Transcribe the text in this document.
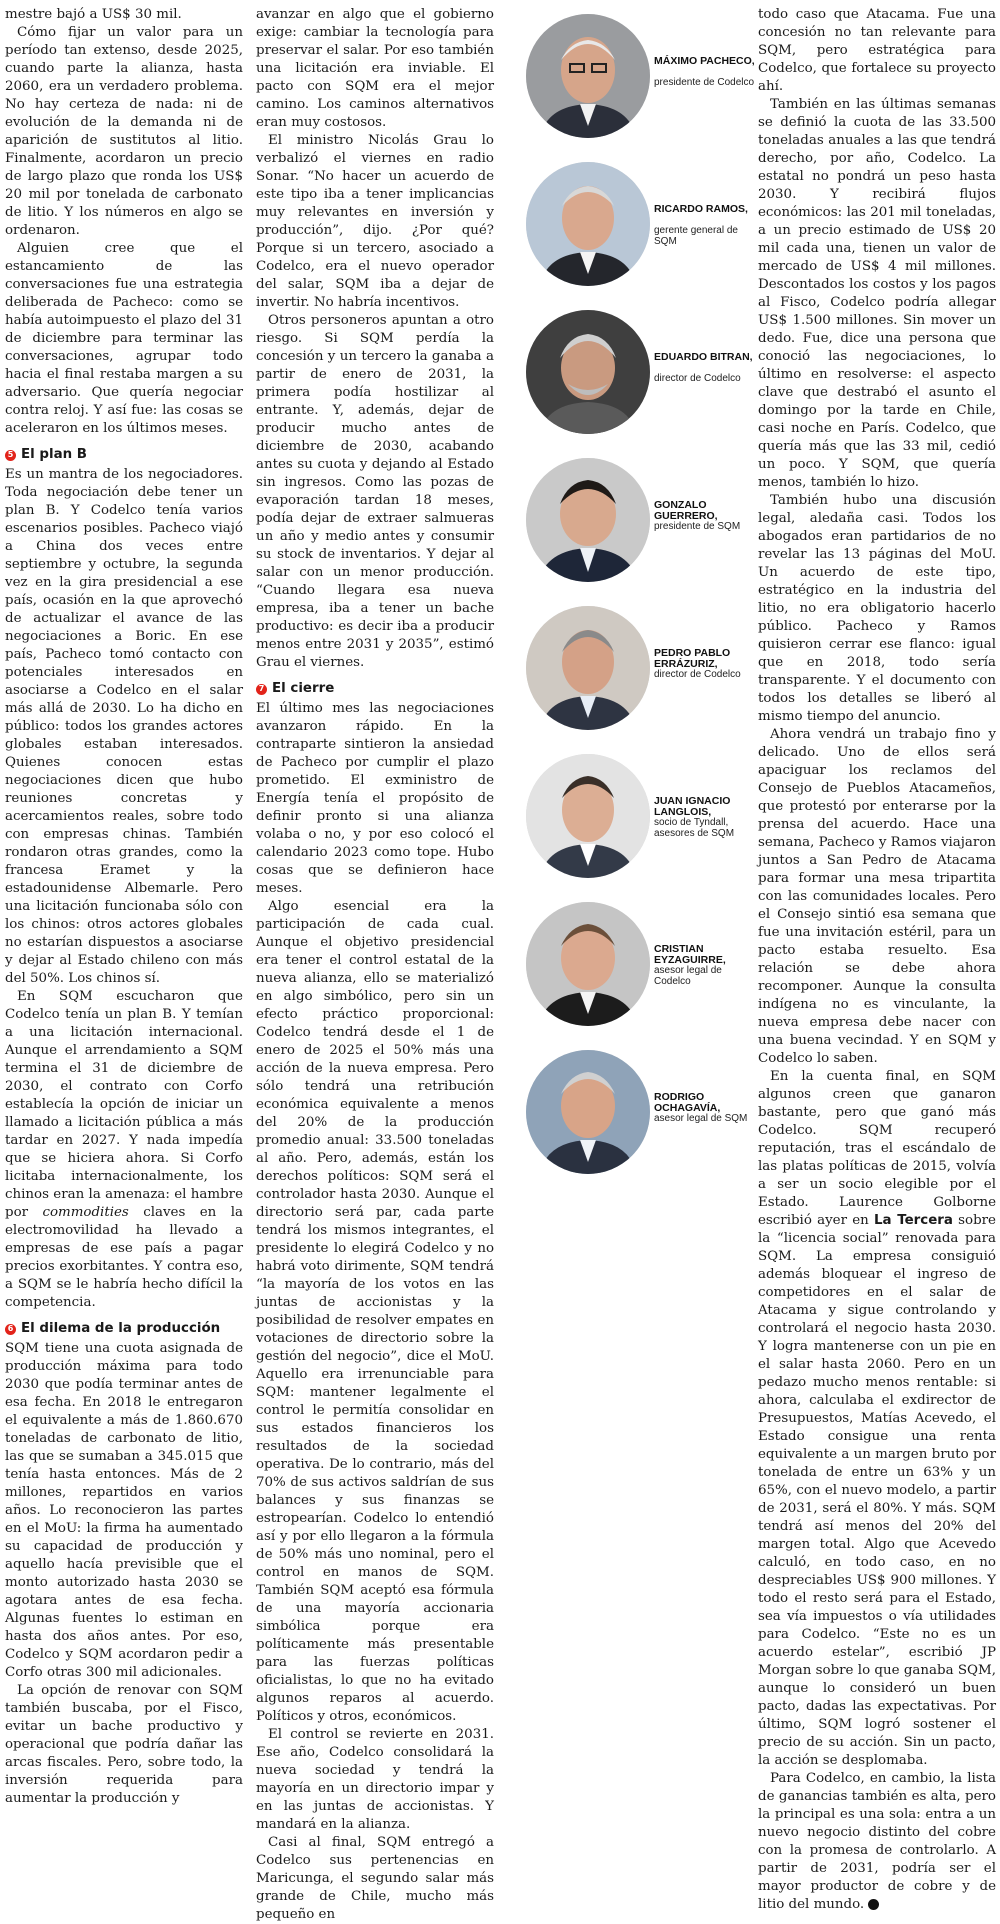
mestre bajó a US$ 30 mil.

Cómo fijar un valor para un período tan extenso, desde 2025, cuando parte la alianza, hasta 2060, era un verdadero problema. No hay certeza de nada: ni de evolución de la demanda ni de aparición de sustitutos al litio. Finalmente, acordaron un precio de largo plazo que ronda los US$ 20 mil por tonelada de carbonato de litio. Y los números en algo se ordenaron.

Alguien cree que el estancamiento de las conversaciones fue una estrategia deliberada de Pacheco: como se había autoimpuesto el plazo del 31 de diciembre para terminar las conversaciones, agrupar todo hacia el final restaba margen a su adversario. Que quería negociar contra reloj. Y así fue: las cosas se aceleraron en los últimos meses.

5 El plan B

Es un mantra de los negociadores. Toda negociación debe tener un plan B. Y Codelco tenía varios escenarios posibles. Pacheco viajó a China dos veces entre septiembre y octubre, la segunda vez en la gira presidencial a ese país, ocasión en la que aprovechó de actualizar el avance de las negociaciones a Boric. En ese país, Pacheco tomó contacto con potenciales interesados en asociarse a Codelco en el salar más allá de 2030. Lo ha dicho en público: todos los grandes actores globales estaban interesados. Quienes conocen estas negociaciones dicen que hubo reuniones concretas y acercamientos reales, sobre todo con empresas chinas. También rondaron otras grandes, como la francesa Eramet y la estadounidense Albemarle. Pero una licitación funcionaba sólo con los chinos: otros actores globales no estarían dispuestos a asociarse y dejar al Estado chileno con más del 50%. Los chinos sí.

En SQM escucharon que Codelco tenía un plan B. Y temían a una licitación internacional. Aunque el arrendamiento a SQM termina el 31 de diciembre de 2030, el contrato con Corfo establecía la opción de iniciar un llamado a licitación pública a más tardar en 2027. Y nada impedía que se hiciera ahora. Si Corfo licitaba internacionalmente, los chinos eran la amenaza: el hambre por commodities claves en la electromovilidad ha llevado a empresas de ese país a pagar precios exorbitantes. Y contra eso, a SQM se le habría hecho difícil la competencia.

6 El dilema de la producción

SQM tiene una cuota asignada de producción máxima para todo 2030 que podía terminar antes de esa fecha. En 2018 le entregaron el equivalente a más de 1.860.670 toneladas de carbonato de litio, las que se sumaban a 345.015 que tenía hasta entonces. Más de 2 millones, repartidos en varios años. Lo reconocieron las partes en el MoU: la firma ha aumentado su capacidad de producción y aquello hacía previsible que el monto autorizado hasta 2030 se agotara antes de esa fecha. Algunas fuentes lo estiman en hasta dos años antes. Por eso, Codelco y SQM acordaron pedir a Corfo otras 300 mil adicionales.

La opción de renovar con SQM también buscaba, por el Fisco, evitar un bache productivo y operacional que podría dañar las arcas fiscales. Pero, sobre todo, la inversión requerida para aumentar la producción y

avanzar en algo que el gobierno exige: cambiar la tecnología para preservar el salar. Por eso también una licitación era inviable. El pacto con SQM era el mejor camino. Los caminos alternativos eran muy costosos.

El ministro Nicolás Grau lo verbalizó el viernes en radio Sonar. “No hacer un acuerdo de este tipo iba a tener implicancias muy relevantes en inversión y producción”, dijo. ¿Por qué? Porque si un tercero, asociado a Codelco, era el nuevo operador del salar, SQM iba a dejar de invertir. No habría incentivos.

Otros personeros apuntan a otro riesgo. Si SQM perdía la concesión y un tercero la ganaba a partir de enero de 2031, la primera podía hostilizar al entrante. Y, además, dejar de producir mucho antes de diciembre de 2030, acabando antes su cuota y dejando al Estado sin ingresos. Como las pozas de evaporación tardan 18 meses, podía dejar de extraer salmueras un año y medio antes y consumir su stock de inventarios. Y dejar al salar con un menor producción. “Cuando llegara esa nueva empresa, iba a tener un bache productivo: es decir iba a producir menos entre 2031 y 2035”, estimó Grau el viernes.

7 El cierre

El último mes las negociaciones avanzaron rápido. En la contraparte sintieron la ansiedad de Pacheco por cumplir el plazo prometido. El exministro de Energía tenía el propósito de definir pronto si una alianza volaba o no, y por eso colocó el calendario 2023 como tope. Hubo cosas que se definieron hace meses.

Algo esencial era la participación de cada cual. Aunque el objetivo presidencial era tener el control estatal de la nueva alianza, ello se materializó en algo simbólico, pero sin un efecto práctico proporcional: Codelco tendrá desde el 1 de enero de 2025 el 50% más una acción de la nueva empresa. Pero sólo tendrá una retribución económica equivalente a menos del 20% de la producción promedio anual: 33.500 toneladas al año. Pero, además, están los derechos políticos: SQM será el controlador hasta 2030. Aunque el directorio será par, cada parte tendrá los mismos integrantes, el presidente lo elegirá Codelco y no habrá voto dirimente, SQM tendrá “la mayoría de los votos en las juntas de accionistas y la posibilidad de resolver empates en votaciones de directorio sobre la gestión del negocio”, dice el MoU. Aquello era irrenunciable para SQM: mantener legalmente el control le permitía consolidar en sus estados financieros los resultados de la sociedad operativa. De lo contrario, más del 70% de sus activos saldrían de sus balances y sus finanzas se estropearían. Codelco lo entendió así y por ello llegaron a la fórmula de 50% más uno nominal, pero el control en manos de SQM. También SQM aceptó esa fórmula de una mayoría accionaria simbólica porque era políticamente más presentable para las fuerzas políticas oficialistas, lo que no ha evitado algunos reparos al acuerdo. Políticos y otros, económicos.

El control se revierte en 2031. Ese año, Codelco consolidará la nueva sociedad y tendrá la mayoría en un directorio impar y en las juntas de accionistas. Y mandará en la alianza.

Casi al final, SQM entregó a Codelco sus pertenencias en Maricunga, el segundo salar más grande de Chile, mucho más pequeño en

MÁXIMO PACHECO,
presidente de Codelco
RICARDO RAMOS,
gerente general de SQM
EDUARDO BITRAN,
director de Codelco
GONZALO GUERRERO,
presidente de SQM
PEDRO PABLO ERRÁZURIZ,
director de Codelco
JUAN IGNACIO LANGLOIS,
socio de Tyndall, asesores de SQM
CRISTIAN EYZAGUIRRE,
asesor legal de Codelco
RODRIGO OCHAGAVÍA,
asesor legal de SQM

todo caso que Atacama. Fue una concesión no tan relevante para SQM, pero estratégica para Codelco, que fortalece su proyecto ahí.

También en las últimas semanas se definió la cuota de las 33.500 toneladas anuales a las que tendrá derecho, por año, Codelco. La estatal no pondrá un peso hasta 2030. Y recibirá flujos económicos: las 201 mil toneladas, a un precio estimado de US$ 20 mil cada una, tienen un valor de mercado de US$ 4 mil millones. Descontados los costos y los pagos al Fisco, Codelco podría allegar US$ 1.500 millones. Sin mover un dedo. Fue, dice una persona que conoció las negociaciones, lo último en resolverse: el aspecto clave que destrabó el asunto el domingo por la tarde en Chile, casi noche en París. Codelco, que quería más que las 33 mil, cedió un poco. Y SQM, que quería menos, también lo hizo.

También hubo una discusión legal, aledaña casi. Todos los abogados eran partidarios de no revelar las 13 páginas del MoU. Un acuerdo de este tipo, estratégico en la industria del litio, no era obligatorio hacerlo público. Pacheco y Ramos quisieron cerrar ese flanco: igual que en 2018, todo sería transparente. Y el documento con todos los detalles se liberó al mismo tiempo del anuncio.

Ahora vendrá un trabajo fino y delicado. Uno de ellos será apaciguar los reclamos del Consejo de Pueblos Atacameños, que protestó por enterarse por la prensa del acuerdo. Hace una semana, Pacheco y Ramos viajaron juntos a San Pedro de Atacama para formar una mesa tripartita con las comunidades locales. Pero el Consejo sintió esa semana que fue una invitación estéril, para un pacto estaba resuelto. Esa relación se debe ahora recomponer. Aunque la consulta indígena no es vinculante, la nueva empresa debe nacer con una buena vecindad. Y en SQM y Codelco lo saben.

En la cuenta final, en SQM algunos creen que ganaron bastante, pero que ganó más Codelco. SQM recuperó reputación, tras el escándalo de las platas políticas de 2015, volvía a ser un socio elegible por el Estado. Laurence Golborne escribió ayer en La Tercera sobre la “licencia social” renovada para SQM. La empresa consiguió además bloquear el ingreso de competidores en el salar de Atacama y sigue controlando y controlará el negocio hasta 2030. Y logra mantenerse con un pie en el salar hasta 2060. Pero en un pedazo mucho menos rentable: si ahora, calculaba el exdirector de Presupuestos, Matías Acevedo, el Estado consigue una renta equivalente a un margen bruto por tonelada de entre un 63% y un 65%, con el nuevo modelo, a partir de 2031, será el 80%. Y más. SQM tendrá así menos del 20% del margen total. Algo que Acevedo calculó, en todo caso, en no despreciables US$ 900 millones. Y todo el resto será para el Estado, sea vía impuestos o vía utilidades para Codelco. “Este no es un acuerdo estelar”, escribió JP Morgan sobre lo que ganaba SQM, aunque lo consideró un buen pacto, dadas las expectativas. Por último, SQM logró sostener el precio de su acción. Sin un pacto, la acción se desplomaba.

Para Codelco, en cambio, la lista de ganancias también es alta, pero la principal es una sola: entra a un nuevo negocio distinto del cobre con la promesa de controlarlo. A partir de 2031, podría ser el mayor productor de cobre y de litio del mundo. P
